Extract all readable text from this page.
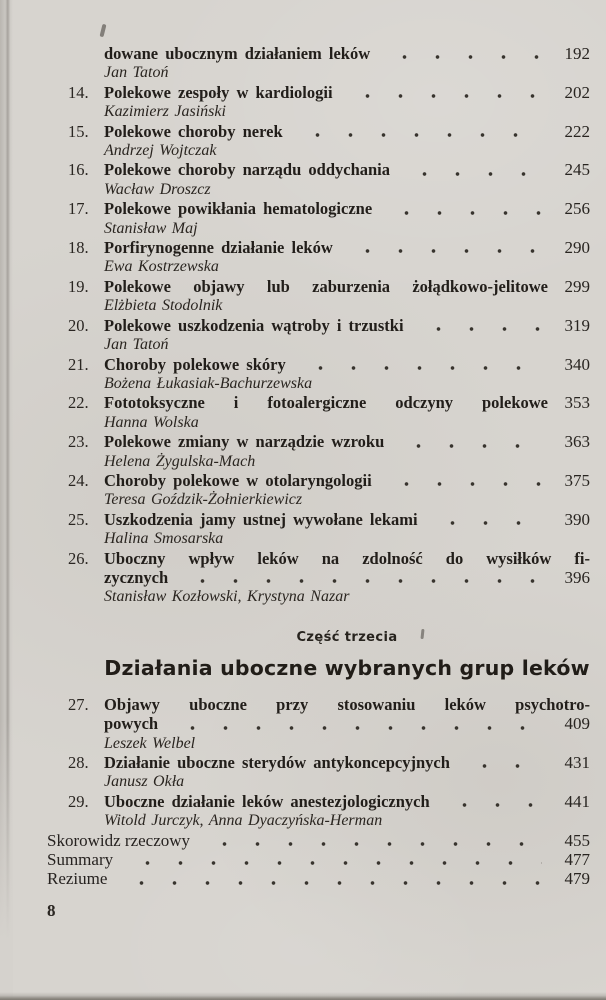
dowane ubocznym działaniem leków	192
Jan Tatoń
14. Polekowe zespoły w kardiologii	202
Kazimierz Jasiński
15. Polekowe choroby nerek	222
Andrzej Wojtczak
16. Polekowe choroby narządu oddychania	245
Wacław Droszcz
17. Polekowe powikłania hematologiczne	256
Stanisław Maj
18. Porfirynogenne działanie leków	290
Ewa Kostrzewska
19. Polekowe objawy lub zaburzenia żołądkowo-jelitowe 299
Elżbieta Stodolnik
20. Polekowe uszkodzenia wątroby i trzustki	319
Jan Tatoń
21. Choroby polekowe skóry	340
Bożena Łukasiak-Bachurzewska
22. Fototoksyczne i fotoalergiczne odczyny polekowe 353
Hanna Wolska
23. Polekowe zmiany w narządzie wzroku	363
Helena Żygulska-Mach
24. Choroby polekowe w otolaryngologii	375
Teresa Goździk-Żołnierkiewicz
25. Uszkodzenia jamy ustnej wywołane lekami	390
Halina Smosarska
26. Uboczny wpływ leków na zdolność do wysiłków fi-
zycznych	396
Stanisław Kozłowski, Krystyna Nazar
Część trzecia
Działania uboczne wybranych grup leków
27. Objawy uboczne przy stosowaniu leków psychotro-
powych	409
Leszek Welbel
28. Działanie uboczne sterydów antykoncepcyjnych	431
Janusz Okła
29. Uboczne działanie leków anestezjologicznych	441
Witold Jurczyk, Anna Dyaczyńska-Herman
Skorowidz rzeczowy	455
Summary	477
Reziume	479
8
